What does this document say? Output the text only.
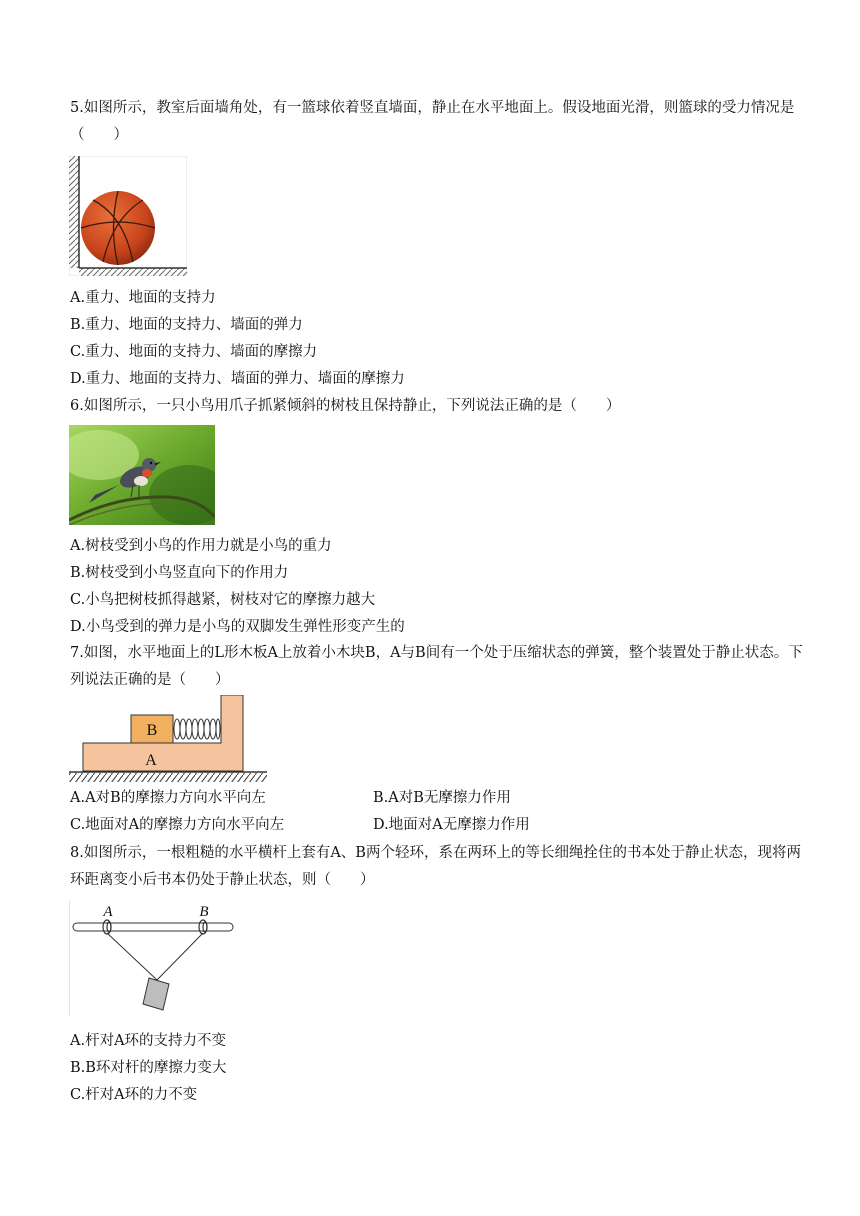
5.如图所示，教室后面墙角处，有一篮球依着竖直墙面，静止在水平地面上。假设地面光滑，则篮球的受力情况是（　　）
A.重力、地面的支持力
B.重力、地面的支持力、墙面的弹力
C.重力、地面的支持力、墙面的摩擦力
D.重力、地面的支持力、墙面的弹力、墙面的摩擦力
6.如图所示，一只小鸟用爪子抓紧倾斜的树枝且保持静止，下列说法正确的是（　　）
A.树枝受到小鸟的作用力就是小鸟的重力
B.树枝受到小鸟竖直向下的作用力
C.小鸟把树枝抓得越紧，树枝对它的摩擦力越大
D.小鸟受到的弹力是小鸟的双脚发生弹性形变产生的
7.如图，水平地面上的L形木板A上放着小木块B，A与B间有一个处于压缩状态的弹簧，整个装置处于静止状态。下列说法正确的是（　　）
B
A
A.A对B的摩擦力方向水平向左	B.A对B无摩擦力作用
C.地面对A的摩擦力方向水平向左	D.地面对A无摩擦力作用
8.如图所示，一根粗糙的水平横杆上套有A、B两个轻环，系在两环上的等长细绳拴住的书本处于静止状态，现将两环距离变小后书本仍处于静止状态，则（　　）
A	B
A.杆对A环的支持力不变
B.B环对杆的摩擦力变大
C.杆对A环的力不变
